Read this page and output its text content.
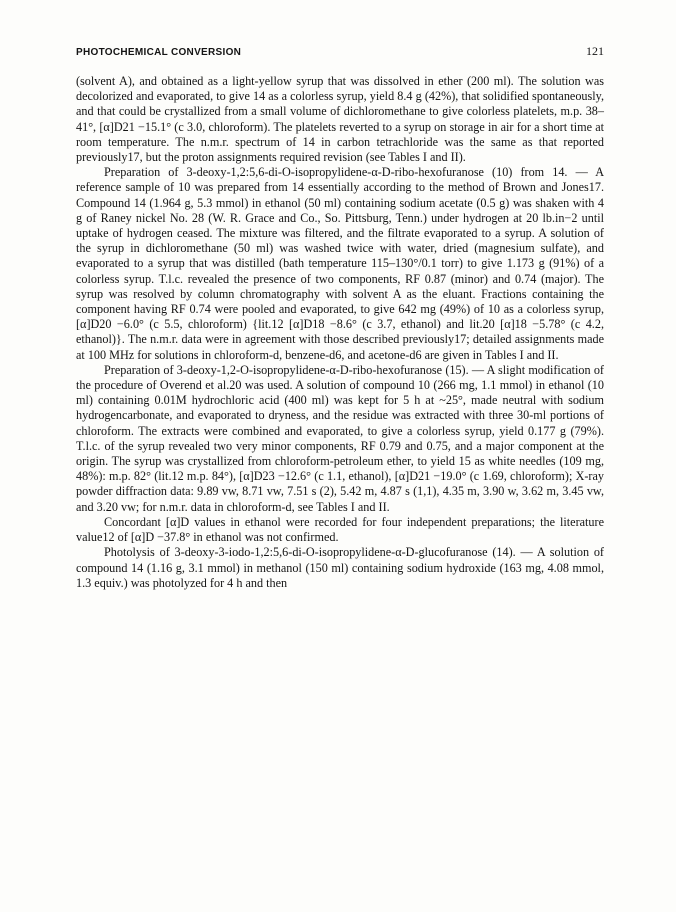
PHOTOCHEMICAL CONVERSION	121

(solvent A), and obtained as a light-yellow syrup that was dissolved in ether (200 ml). The solution was decolorized and evaporated, to give 14 as a colorless syrup, yield 8.4 g (42%), that solidified spontaneously, and that could be crystallized from a small volume of dichloromethane to give colorless platelets, m.p. 38–41°, [α]D21 −15.1° (c 3.0, chloroform). The platelets reverted to a syrup on storage in air for a short time at room temperature. The n.m.r. spectrum of 14 in carbon tetrachloride was the same as that reported previously17, but the proton assignments required revision (see Tables I and II).

Preparation of 3-deoxy-1,2:5,6-di-O-isopropylidene-α-D-ribo-hexofuranose (10) from 14. — A reference sample of 10 was prepared from 14 essentially according to the method of Brown and Jones17. Compound 14 (1.964 g, 5.3 mmol) in ethanol (50 ml) containing sodium acetate (0.5 g) was shaken with 4 g of Raney nickel No. 28 (W. R. Grace and Co., So. Pittsburg, Tenn.) under hydrogen at 20 lb.in−2 until uptake of hydrogen ceased. The mixture was filtered, and the filtrate evaporated to a syrup. A solution of the syrup in dichloromethane (50 ml) was washed twice with water, dried (magnesium sulfate), and evaporated to a syrup that was distilled (bath temperature 115–130°/0.1 torr) to give 1.173 g (91%) of a colorless syrup. T.l.c. revealed the presence of two components, RF 0.87 (minor) and 0.74 (major). The syrup was resolved by column chromatography with solvent A as the eluant. Fractions containing the component having RF 0.74 were pooled and evaporated, to give 642 mg (49%) of 10 as a colorless syrup, [α]D20 −6.0° (c 5.5, chloroform) {lit.12 [α]D18 −8.6° (c 3.7, ethanol) and lit.20 [α]18 −5.78° (c 4.2, ethanol)}. The n.m.r. data were in agreement with those described previously17; detailed assignments made at 100 MHz for solutions in chloroform-d, benzene-d6, and acetone-d6 are given in Tables I and II.

Preparation of 3-deoxy-1,2-O-isopropylidene-α-D-ribo-hexofuranose (15). — A slight modification of the procedure of Overend et al.20 was used. A solution of compound 10 (266 mg, 1.1 mmol) in ethanol (10 ml) containing 0.01M hydrochloric acid (400 ml) was kept for 5 h at ~25°, made neutral with sodium hydrogencarbonate, and evaporated to dryness, and the residue was extracted with three 30-ml portions of chloroform. The extracts were combined and evaporated, to give a colorless syrup, yield 0.177 g (79%). T.l.c. of the syrup revealed two very minor components, RF 0.79 and 0.75, and a major component at the origin. The syrup was crystallized from chloroform-petroleum ether, to yield 15 as white needles (109 mg, 48%): m.p. 82° (lit.12 m.p. 84°), [α]D23 −12.6° (c 1.1, ethanol), [α]D21 −19.0° (c 1.69, chloroform); X-ray powder diffraction data: 9.89 vw, 8.71 vw, 7.51 s (2), 5.42 m, 4.87 s (1,1), 4.35 m, 3.90 w, 3.62 m, 3.45 vw, and 3.20 vw; for n.m.r. data in chloroform-d, see Tables I and II.

Concordant [α]D values in ethanol were recorded for four independent preparations; the literature value12 of [α]D −37.8° in ethanol was not confirmed.

Photolysis of 3-deoxy-3-iodo-1,2:5,6-di-O-isopropylidene-α-D-glucofuranose (14). — A solution of compound 14 (1.16 g, 3.1 mmol) in methanol (150 ml) containing sodium hydroxide (163 mg, 4.08 mmol, 1.3 equiv.) was photolyzed for 4 h and then
